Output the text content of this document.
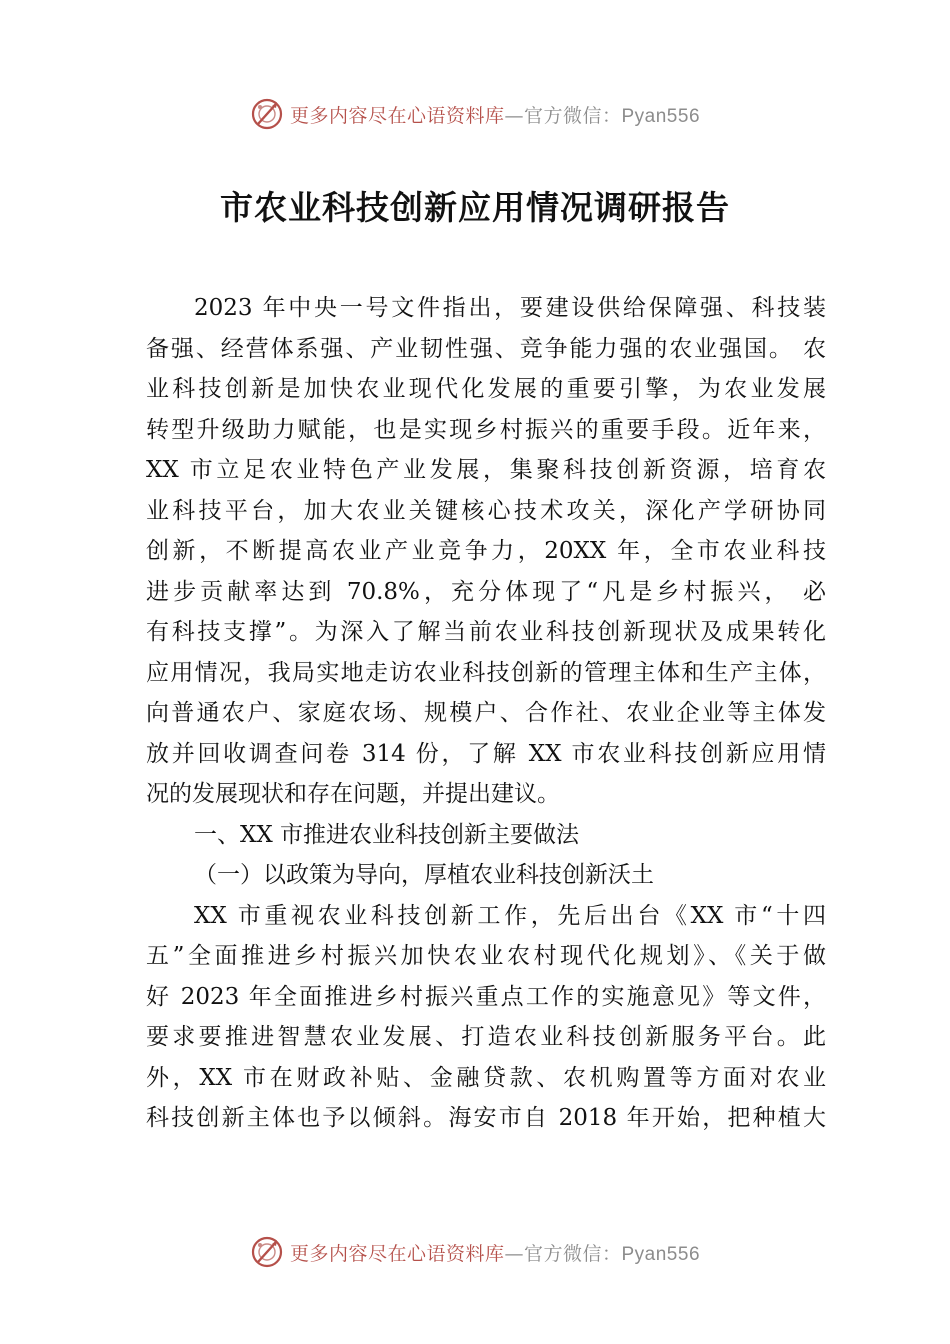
更多内容尽在心语资料库—官方微信：Pyan556
市农业科技创新应用情况调研报告
2023 年中央一号文件指出，要建设供给保障强、科技装
备强、经营体系强、产业韧性强、竞争能力强的农业强国。 农
业科技创新是加快农业现代化发展的重要引擎，为农业发展
转型升级助力赋能，也是实现乡村振兴的重要手段。近年来，
XX 市立足农业特色产业发展，集聚科技创新资源，培育农
业科技平台，加大农业关键核心技术攻关，深化产学研协同
创新，不断提高农业产业竞争力，20XX 年，全市农业科技
进步贡献率达到 70.8%，充分体现了“凡是乡村振兴， 必
有科技支撑”。为深入了解当前农业科技创新现状及成果转化
应用情况，我局实地走访农业科技创新的管理主体和生产主体，
向普通农户、家庭农场、规模户、合作社、农业企业等主体发
放并回收调查问卷 314 份，了解 XX 市农业科技创新应用情
况的发展现状和存在问题，并提出建议。
一、XX 市推进农业科技创新主要做法
（一）以政策为导向，厚植农业科技创新沃土
XX 市重视农业科技创新工作，先后出台《XX 市“十四
五”全面推进乡村振兴加快农业农村现代化规划》、《关于做
好 2023 年全面推进乡村振兴重点工作的实施意见》等文件，
要求要推进智慧农业发展、打造农业科技创新服务平台。此
外，XX 市在财政补贴、金融贷款、农机购置等方面对农业
科技创新主体也予以倾斜。海安市自 2018 年开始，把种植大
更多内容尽在心语资料库—官方微信：Pyan556
